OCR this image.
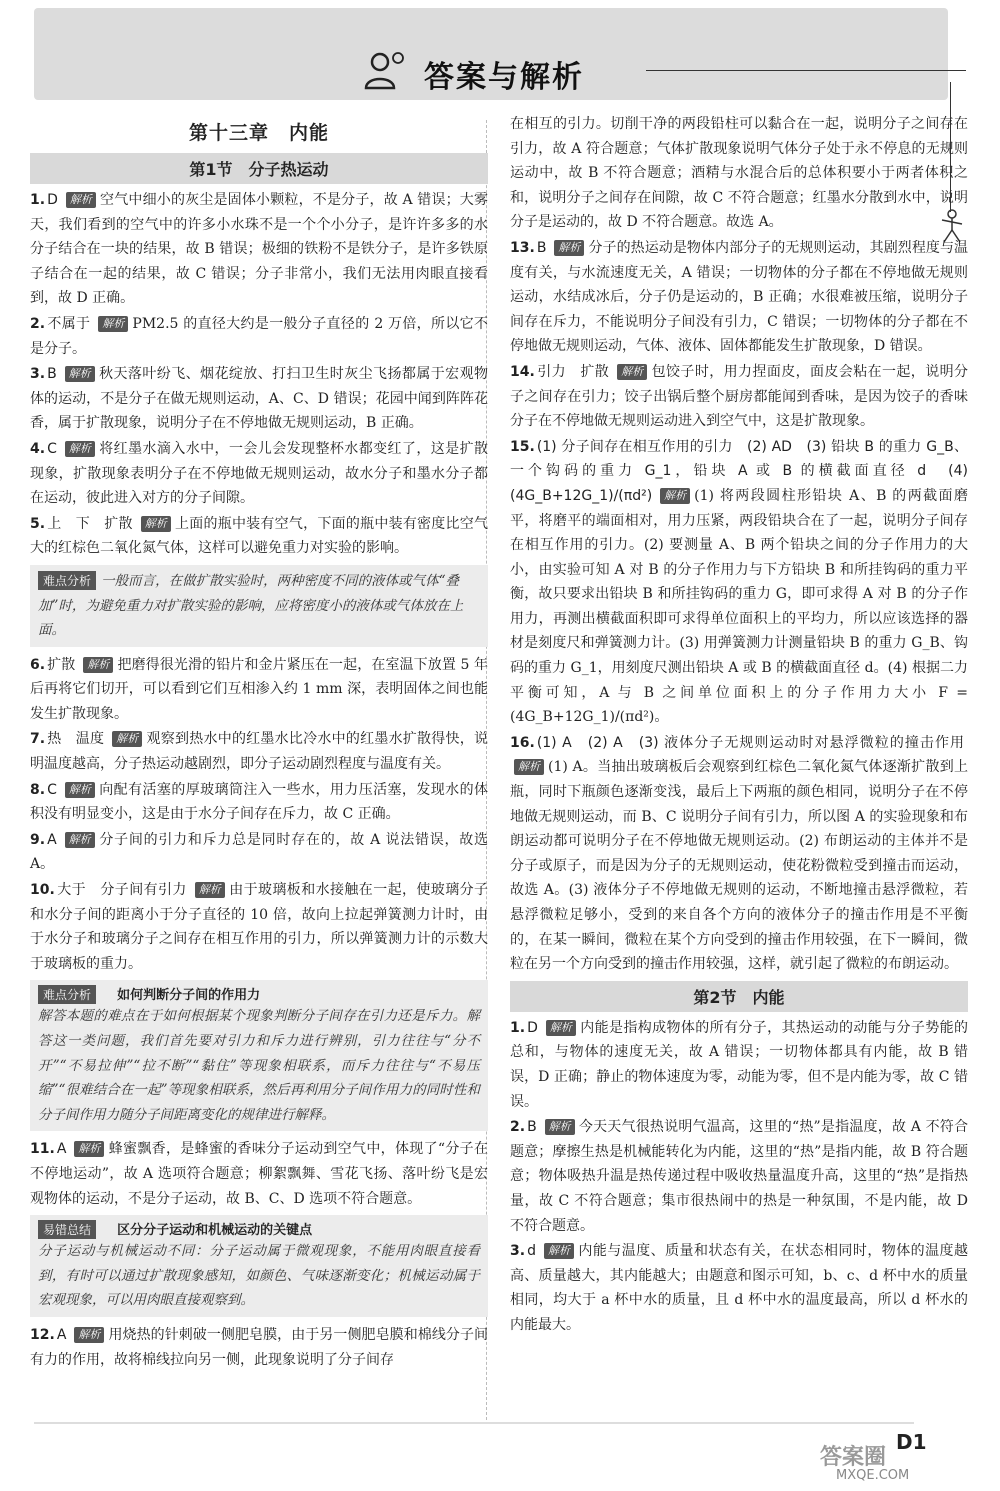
答案与解析
第十三章　内能
第1节　分子热运动
1. D 解析 空气中细小的灰尘是固体小颗粒，不是分子，故 A 错误；大雾天，我们看到的空气中的许多小水珠不是一个个小分子，是许许多多的水分子结合在一块的结果，故 B 错误；极细的铁粉不是铁分子，是许多铁原子结合在一起的结果，故 C 错误；分子非常小，我们无法用肉眼直接看到，故 D 正确。
2. 不属于 解析 PM2.5 的直径大约是一般分子直径的 2 万倍，所以它不是分子。
3. B 解析 秋天落叶纷飞、烟花绽放、打扫卫生时灰尘飞扬都属于宏观物体的运动，不是分子在做无规则运动，A、C、D 错误；花园中闻到阵阵花香，属于扩散现象，说明分子在不停地做无规则运动，B 正确。
4. C 解析 将红墨水滴入水中，一会儿会发现整杯水都变红了，这是扩散现象，扩散现象表明分子在不停地做无规则运动，故水分子和墨水分子都在运动，彼此进入对方的分子间隙。
5. 上　下　扩散 解析 上面的瓶中装有空气，下面的瓶中装有密度比空气大的红棕色二氧化氮气体，这样可以避免重力对实验的影响。
难点分析 一般而言，在做扩散实验时，两种密度不同的液体或气体“叠加”时，为避免重力对扩散实验的影响，应将密度小的液体或气体放在上面。
6. 扩散 解析 把磨得很光滑的铅片和金片紧压在一起，在室温下放置 5 年后再将它们切开，可以看到它们互相渗入约 1 mm 深，表明固体之间也能发生扩散现象。
7. 热　温度 解析 观察到热水中的红墨水比冷水中的红墨水扩散得快，说明温度越高，分子热运动越剧烈，即分子运动剧烈程度与温度有关。
8. C 解析 向配有活塞的厚玻璃筒注入一些水，用力压活塞，发现水的体积没有明显变小，这是由于水分子间存在斥力，故 C 正确。
9. A 解析 分子间的引力和斥力总是同时存在的，故 A 说法错误，故选 A。
10. 大于　分子间有引力 解析 由于玻璃板和水接触在一起，使玻璃分子和水分子间的距离小于分子直径的 10 倍，故向上拉起弹簧测力计时，由于水分子和玻璃分子之间存在相互作用的引力，所以弹簧测力计的示数大于玻璃板的重力。
难点分析 如何判断分子间的作用力
解答本题的难点在于如何根据某个现象判断分子间存在引力还是斥力。解答这一类问题，我们首先要对引力和斥力进行辨别，引力往往与“分不开”“不易拉伸”“拉不断”“黏住”等现象相联系，而斥力往往与“不易压缩”“很难结合在一起”等现象相联系，然后再利用分子间作用力的同时性和分子间作用力随分子间距离变化的规律进行解释。
11. A 解析 蜂蜜飘香，是蜂蜜的香味分子运动到空气中，体现了“分子在不停地运动”，故 A 选项符合题意；柳絮飘舞、雪花飞扬、落叶纷飞是宏观物体的运动，不是分子运动，故 B、C、D 选项不符合题意。
易错总结 区分分子运动和机械运动的关键点
分子运动与机械运动不同：分子运动属于微观现象，不能用肉眼直接看到，有时可以通过扩散现象感知，如颜色、气味逐渐变化；机械运动属于宏观现象，可以用肉眼直接观察到。
12. A 解析 用烧热的针刺破一侧肥皂膜，由于另一侧肥皂膜和棉线分子间有力的作用，故将棉线拉向另一侧，此现象说明了分子间存
在相互的引力。切削干净的两段铅柱可以黏合在一起，说明分子之间存在引力，故 A 符合题意；气体扩散现象说明气体分子处于永不停息的无规则运动中，故 B 不符合题意；酒精与水混合后的总体积要小于两者体积之和，说明分子之间存在间隙，故 C 不符合题意；红墨水分散到水中，说明分子是运动的，故 D 不符合题意。故选 A。
13. B 解析 分子的热运动是物体内部分子的无规则运动，其剧烈程度与温度有关，与水流速度无关，A 错误；一切物体的分子都在不停地做无规则运动，水结成冰后，分子仍是运动的，B 正确；水很难被压缩，说明分子间存在斥力，不能说明分子间没有引力，C 错误；一切物体的分子都在不停地做无规则运动，气体、液体、固体都能发生扩散现象，D 错误。
14. 引力　扩散 解析 包饺子时，用力捏面皮，面皮会粘在一起，说明分子之间存在引力；饺子出锅后整个厨房都能闻到香味，是因为饺子的香味分子在不停地做无规则运动进入到空气中，这是扩散现象。
15. (1) 分子间存在相互作用的引力　(2) AD　(3) 铅块 B 的重力 G_B、一个钩码的重力 G_1，铅块 A 或 B 的横截面直径 d　(4) (4G_B+12G_1)/(πd²) 解析 (1) 将两段圆柱形铅块 A、B 的两截面磨平，将磨平的端面相对，用力压紧，两段铅块合在了一起，说明分子间存在相互作用的引力。(2) 要测量 A、B 两个铅块之间的分子作用力的大小，由实验可知 A 对 B 的分子作用力与下方铅块 B 和所挂钩码的重力平衡，故只要求出铅块 B 和所挂钩码的重力 G，即可求得 A 对 B 的分子作用力，再测出横截面积即可求得单位面积上的平均力，所以应该选择的器材是刻度尺和弹簧测力计。(3) 用弹簧测力计测量铅块 B 的重力 G_B、钩码的重力 G_1，用刻度尺测出铅块 A 或 B 的横截面直径 d。(4) 根据二力平衡可知，A 与 B 之间单位面积上的分子作用力大小 F = (4G_B+12G_1)/(πd²)。
16. (1) A　(2) A　(3) 液体分子无规则运动时对悬浮微粒的撞击作用解析 (1) A。当抽出玻璃板后会观察到红棕色二氧化氮气体逐渐扩散到上瓶，同时下瓶颜色逐渐变浅，最后上下两瓶的颜色相同，说明分子在不停地做无规则运动，而 B、C 说明分子间有引力，所以图 A 的实验现象和布朗运动都可说明分子在不停地做无规则运动。(2) 布朗运动的主体并不是分子或原子，而是因为分子的无规则运动，使花粉微粒受到撞击而运动，故选 A。(3) 液体分子不停地做无规则的运动，不断地撞击悬浮微粒，若悬浮微粒足够小，受到的来自各个方向的液体分子的撞击作用是不平衡的，在某一瞬间，微粒在某个方向受到的撞击作用较强，在下一瞬间，微粒在另一个方向受到的撞击作用较强，这样，就引起了微粒的布朗运动。
第2节　内能
1. D 解析 内能是指构成物体的所有分子，其热运动的动能与分子势能的总和，与物体的速度无关，故 A 错误；一切物体都具有内能，故 B 错误，D 正确；静止的物体速度为零，动能为零，但不是内能为零，故 C 错误。
2. B 解析 今天天气很热说明气温高，这里的“热”是指温度，故 A 不符合题意；摩擦生热是机械能转化为内能，这里的“热”是指内能，故 B 符合题意；物体吸热升温是热传递过程中吸收热量温度升高，这里的“热”是指热量，故 C 不符合题意；集市很热闹中的热是一种氛围，不是内能，故 D 不符合题意。
3. d 解析 内能与温度、质量和状态有关，在状态相同时，物体的温度越高、质量越大，其内能越大；由题意和图示可知，b、c、d 杯中水的质量相同，均大于 a 杯中水的质量，且 d 杯中水的温度最高，所以 d 杯水的内能最大。
D1
答案圈
MXQE.COM
